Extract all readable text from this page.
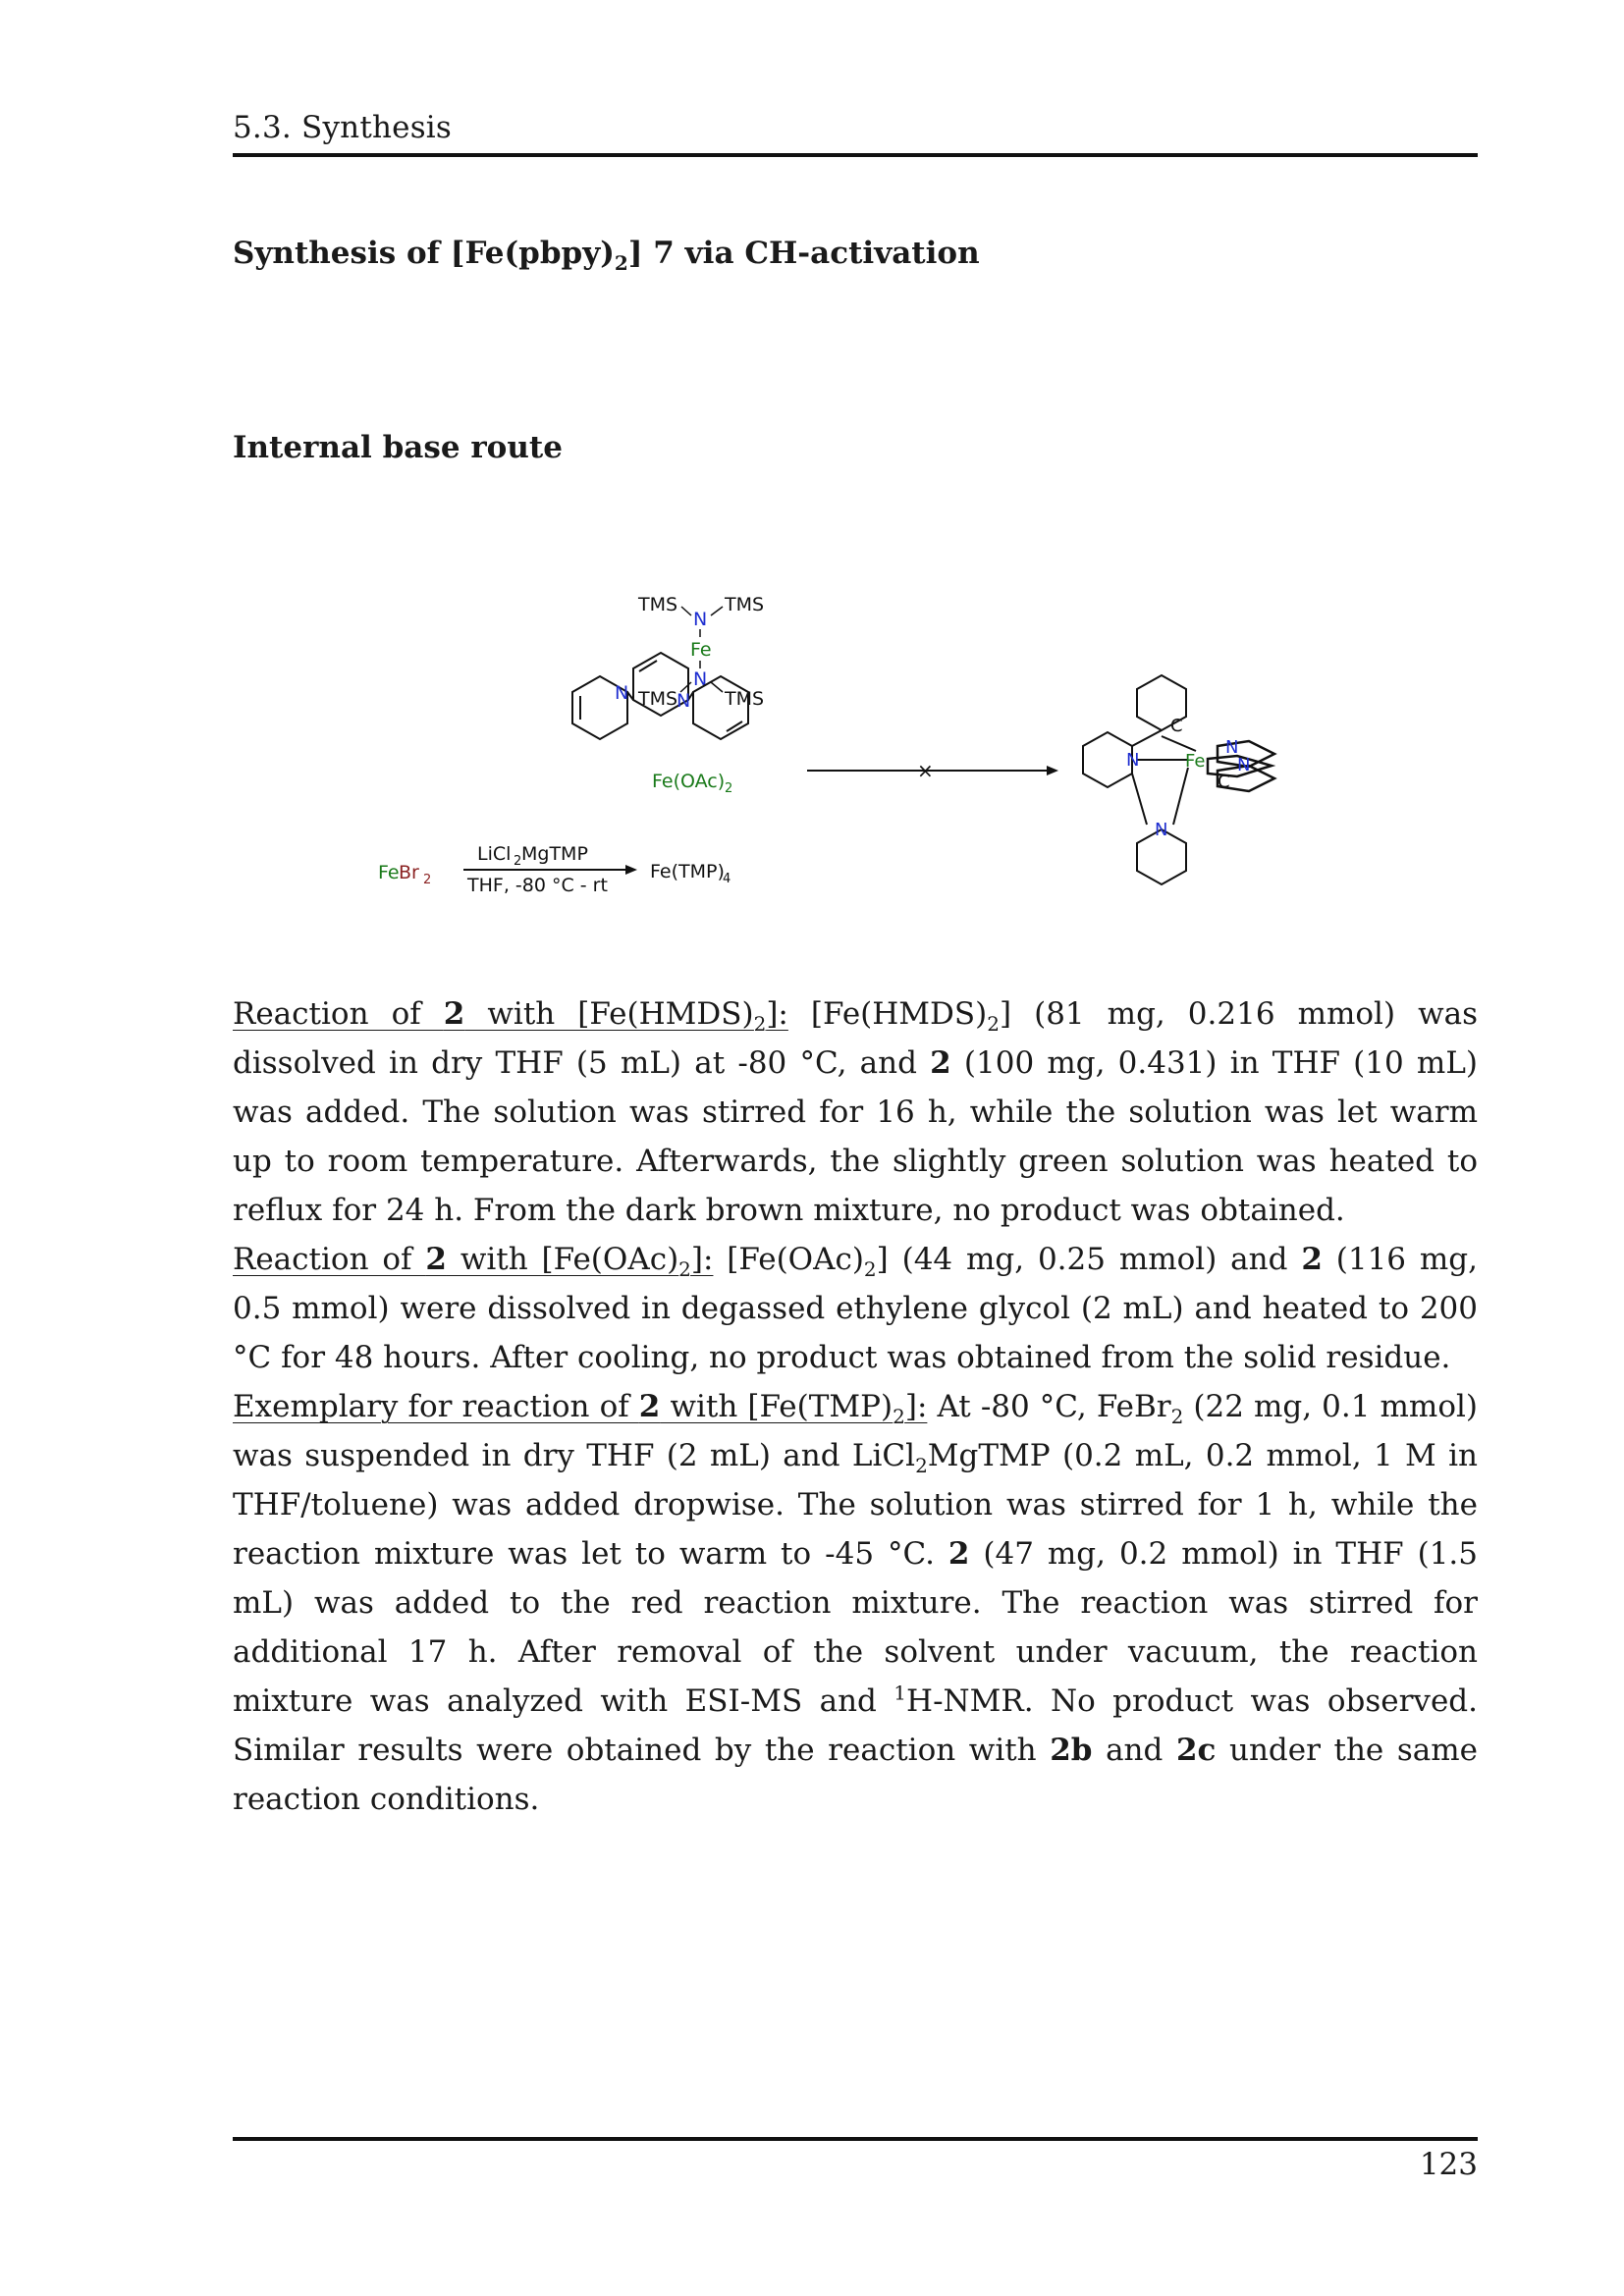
5.3. Synthesis
Synthesis of $[Fe(pbpy)_2]$ 7 via CH-activation
Internal base route
TMS	TMS
N
Fe
N
TMS	TMS
Fe(OAc) 2
N	N
×
C
N	Fe
N
N
C
N
Fe Br 2
LiCl 2 MgTMP
THF, -80 °C - rt
Fe(TMP)
4

Reaction of 2 with $[Fe(HMDS)_2]$: $[Fe(HMDS)_2]$ (81 mg, 0.216 mmol) was dissolved in dry THF (5 mL) at -80 °C, and 2 (100 mg, 0.431) in THF (10 mL) was added. The solution was stirred for 16 h, while the solution was let warm up to room temperature. Afterwards, the slightly green solution was heated to reflux for 24 h. From the dark brown mixture, no product was obtained.

Reaction of 2 with $[Fe(OAc)_2]$: $[Fe(OAc)_2]$ (44 mg, 0.25 mmol) and 2 (116 mg, 0.5 mmol) were dissolved in degassed ethylene glycol (2 mL) and heated to 200 °C for 48 hours. After cooling, no product was obtained from the solid residue.

Exemplary for reaction of 2 with $[Fe(TMP)_2]$: At -80 °C, FeBr$_2$ (22 mg, 0.1 mmol) was suspended in dry THF (2 mL) and LiCl$_2$MgTMP (0.2 mL, 0.2 mmol, 1 M in THF/toluene) was added dropwise. The solution was stirred for 1 h, while the reaction mixture was let to warm to -45 °C. 2 (47 mg, 0.2 mmol) in THF (1.5 mL) was added to the red reaction mixture. The reaction was stirred for additional 17 h. After removal of the solvent under vacuum, the reaction mixture was analyzed with ESI-MS and $^1$H-NMR. No product was observed. Similar results were obtained by the reaction with 2b and 2c under the same reaction conditions.

123
